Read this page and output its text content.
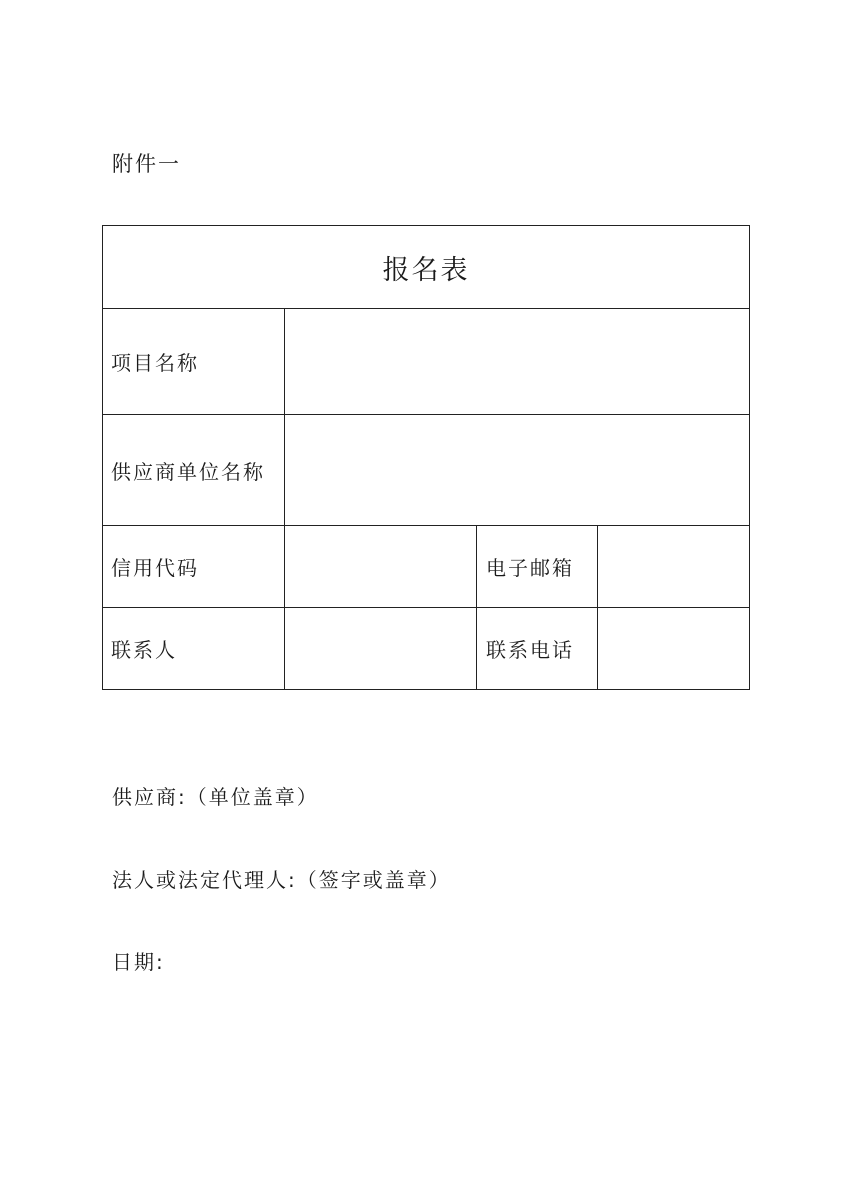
附件一
报名表			
项目名称			
供应商单位名称			
信用代码		电子邮箱	
联系人		联系电话	
供应商:（单位盖章）
法人或法定代理人:（签字或盖章）
日期:
